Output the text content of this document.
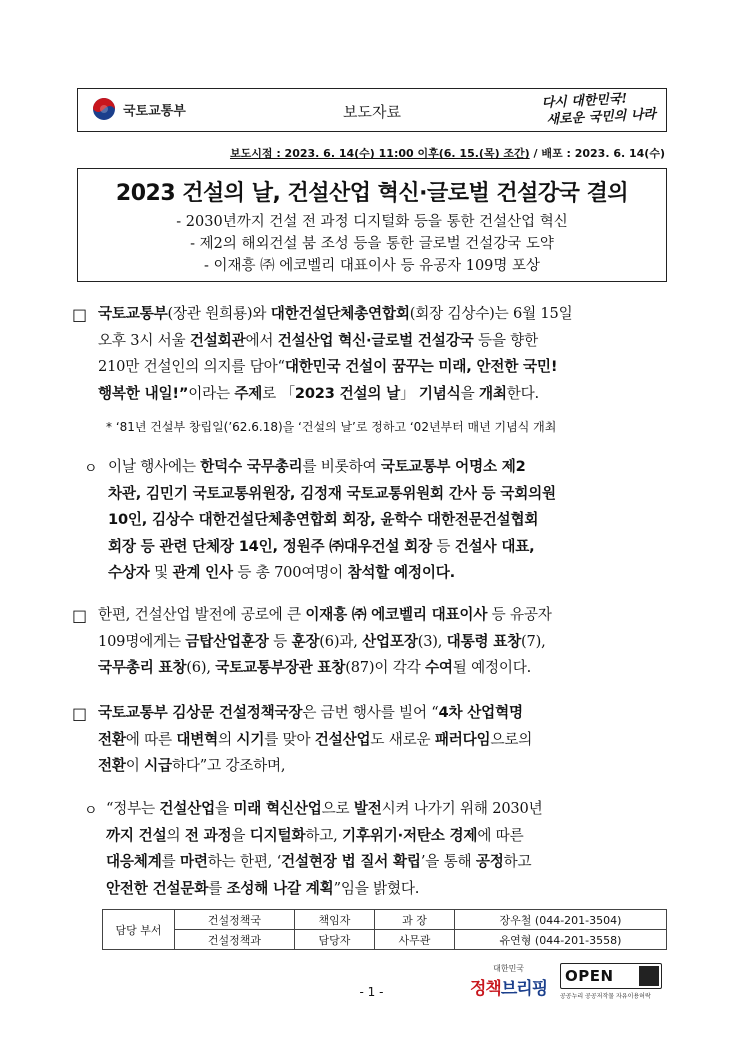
국토교통부	보도자료
다시 대한민국!
새로운 국민의 나라
보도시점 : 2023. 6. 14(수) 11:00 이후(6. 15.(목) 조간) / 배포 : 2023. 6. 14(수)
2023 건설의 날, 건설산업 혁신·글로벌 건설강국 결의
- 2030년까지 건설 전 과정 디지털화 등을 통한 건설산업 혁신
- 제2의 해외건설 붐 조성 등을 통한 글로벌 건설강국 도약
- 이재흥 ㈜ 에코벨리 대표이사 등 유공자 109명 포상
□ 국토교통부(장관 원희룡)와 대한건설단체총연합회(회장 김상수)는 6월 15일
오후 3시 서울 건설회관에서 건설산업 혁신·글로벌 건설강국 등을 향한
210만 건설인의 의지를 담아“대한민국 건설이 꿈꾸는 미래, 안전한 국민!
행복한 내일!”이라는 주제로 「2023 건설의 날」 기념식을 개최한다.
* ‘81년 건설부 창립일(’62.6.18)을 ‘건설의 날’로 정하고 ‘02년부터 매년 기념식 개최
ㅇ 이날 행사에는 한덕수 국무총리를 비롯하여 국토교통부 어명소 제2
차관, 김민기 국토교통위원장, 김정재 국토교통위원회 간사 등 국회의원
10인, 김상수 대한건설단체총연합회 회장, 윤학수 대한전문건설협회
회장 등 관련 단체장 14인, 정원주 ㈜대우건설 회장 등 건설사 대표,
수상자 및 관계 인사 등 총 700여명이 참석할 예정이다.
□ 한편, 건설산업 발전에 공로에 큰 이재흥 ㈜ 에코벨리 대표이사 등 유공자
109명에게는 금탑산업훈장 등 훈장(6)과, 산업포장(3), 대통령 표창(7),
국무총리 표창(6), 국토교통부장관 표창(87)이 각각 수여될 예정이다.
□ 국토교통부 김상문 건설정책국장은 금번 행사를 빌어 “4차 산업혁명
전환에 따른 대변혁의 시기를 맞아 건설산업도 새로운 패러다임으로의
전환이 시급하다”고 강조하며,
ㅇ “정부는 건설산업을 미래 혁신산업으로 발전시켜 나가기 위해 2030년
까지 건설의 전 과정을 디지털화하고, 기후위기·저탄소 경제에 따른
대응체계를 마련하는 한편, ‘건설현장 법 질서 확립’을 통해 공정하고
안전한 건설문화를 조성해 나갈 계획”임을 밝혔다.
담당 부서	건설정책국	책임자	과 장	장우철 (044-201-3504)
	건설정책과	담당자	사무관	유연형 (044-201-3558)
- 1 -
대한민국
정책브리핑
OPEN
공공누리 공공저작물 자유이용허락
